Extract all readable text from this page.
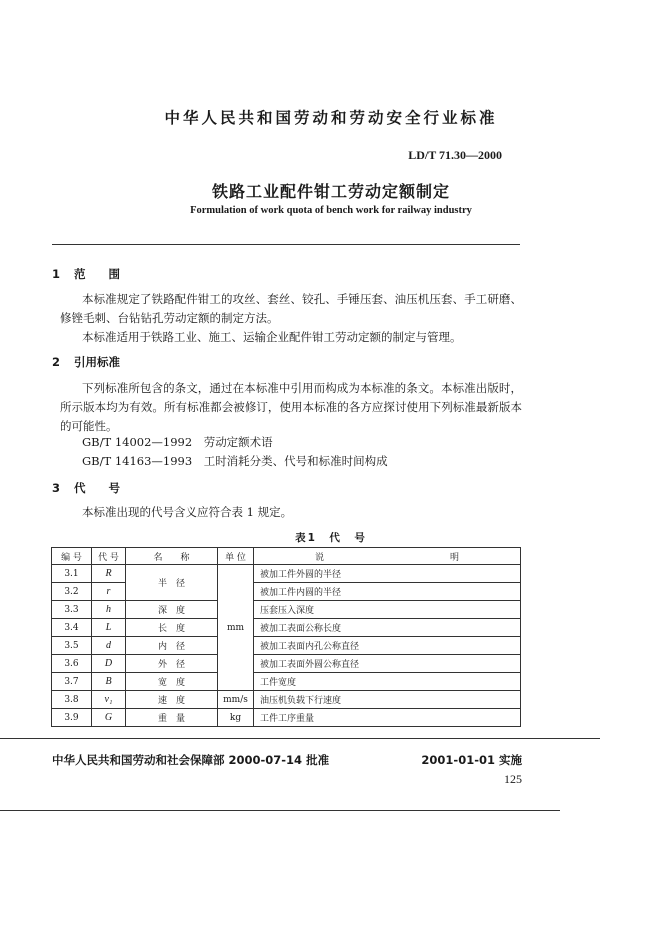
中华人民共和国劳动和劳动安全行业标准
LD/T 71.30—2000
铁路工业配件钳工劳动定额制定
Formulation of work quota of bench work for railway industry
1 范　　围
本标准规定了铁路配件钳工的攻丝、套丝、铰孔、手锤压套、油压机压套、手工研磨、修锉毛刺、台钻钻孔劳动定额的制定方法。
本标准适用于铁路工业、施工、运输企业配件钳工劳动定额的制定与管理。
2 引用标准
下列标准所包含的条文，通过在本标准中引用而构成为本标准的条文。本标准出版时，所示版本均为有效。所有标准都会被修订，使用本标准的各方应探讨使用下列标准最新版本的可能性。
GB/T 14002—1992　劳动定额术语
GB/T 14163—1993　工时消耗分类、代号和标准时间构成
3 代　　号
本标准出现的代号含义应符合表 1 规定。
表1　代　号
编 号	代 号	名　　称	单 位	说　　　　　　　　　　　　　　明
3.1	R	半　径	mm	被加工件外圆的半径
3.2	r			被加工件内圆的半径
3.3	h	深　度		压套压入深度
3.4	L	长　度		被加工表面公称长度
3.5	d	内　径		被加工表面内孔公称直径
3.6	D	外　径		被加工表面外圆公称直径
3.7	B	宽　度		工件宽度
3.8	v₁	速　度	mm/s	油压机负载下行速度
3.9	G	重　量	kg	工件工序重量
中华人民共和国劳动和社会保障部 2000-07-14 批准	2001-01-01 实施
125
